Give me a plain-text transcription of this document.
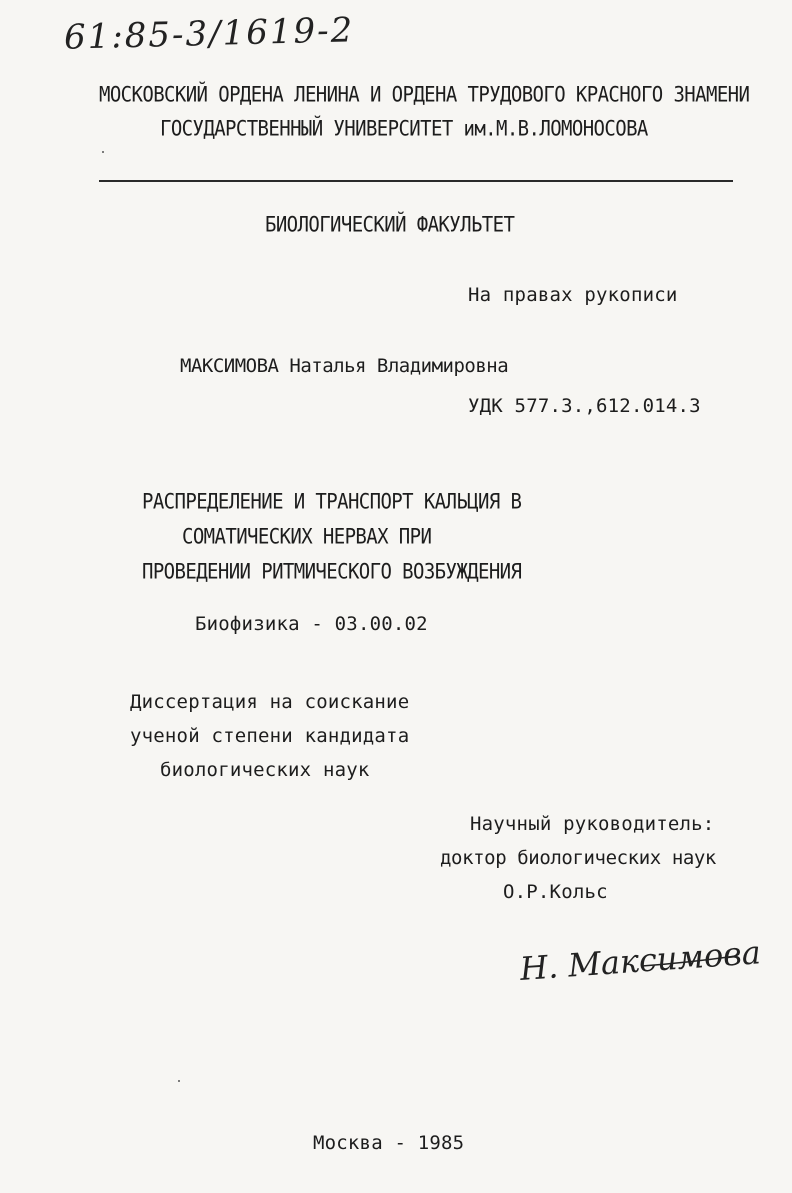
61:85-3/1619-2
МОСКОВСКИЙ ОРДЕНА ЛЕНИНА И ОРДЕНА ТРУДОВОГО КРАСНОГО ЗНАМЕНИ
ГОСУДАРСТВЕННЫЙ УНИВЕРСИТЕТ им.М.В.ЛОМОНОСОВА
БИОЛОГИЧЕСКИЙ ФАКУЛЬТЕТ
На правах рукописи
МАКСИМОВА Наталья Владимировна
УДК 577.3.,612.014.3
РАСПРЕДЕЛЕНИЕ И ТРАНСПОРТ КАЛЬЦИЯ В
СОМАТИЧЕСКИХ НЕРВАХ ПРИ
ПРОВЕДЕНИИ РИТМИЧЕСКОГО ВОЗБУЖДЕНИЯ
Биофизика - 03.00.02
Диссертация на соискание
ученой степени кандидата
биологических наук
Научный руководитель:
доктор биологических наук
О.Р.Кольс
Н. Максимова
Москва - 1985
